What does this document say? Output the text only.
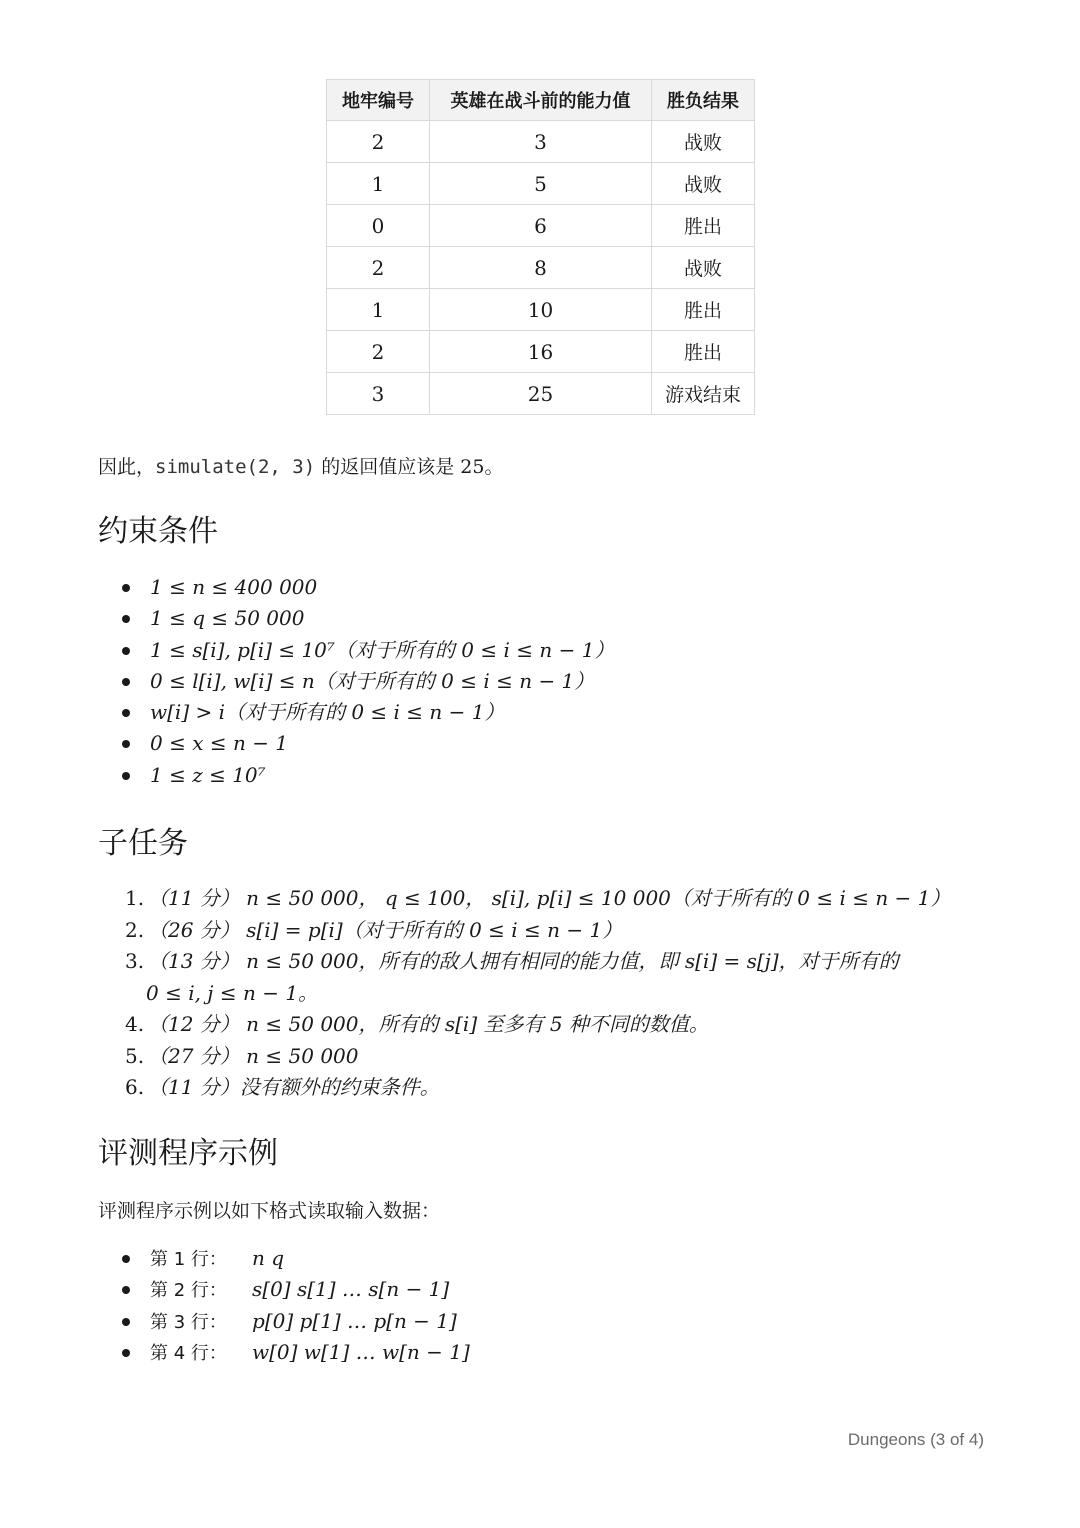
地牢编号	英雄在战斗前的能力值	胜负结果
2	3	战败
1	5	战败
0	6	胜出
2	8	战败
1	10	胜出
2	16	胜出
3	25	游戏结束
因此，simulate(2, 3) 的返回值应该是 25。
约束条件
1 ≤ n ≤ 400 000
1 ≤ q ≤ 50 000
1 ≤ s[i], p[i] ≤ 10⁷（对于所有的 0 ≤ i ≤ n − 1）
0 ≤ l[i], w[i] ≤ n（对于所有的 0 ≤ i ≤ n − 1）
w[i] > i（对于所有的 0 ≤ i ≤ n − 1）
0 ≤ x ≤ n − 1
1 ≤ z ≤ 10⁷
子任务
1. （11 分） n ≤ 50 000， q ≤ 100， s[i], p[i] ≤ 10 000（对于所有的 0 ≤ i ≤ n − 1）
2. （26 分） s[i] = p[i]（对于所有的 0 ≤ i ≤ n − 1）
3. （13 分） n ≤ 50 000，所有的敌人拥有相同的能力值，即 s[i] = s[j]，对于所有的
0 ≤ i, j ≤ n − 1。
4. （12 分） n ≤ 50 000，所有的 s[i] 至多有 5 种不同的数值。
5. （27 分） n ≤ 50 000
6. （11 分）没有额外的约束条件。
评测程序示例
评测程序示例以如下格式读取输入数据：
第 1 行： n q
第 2 行： s[0] s[1] … s[n − 1]
第 3 行： p[0] p[1] … p[n − 1]
第 4 行： w[0] w[1] … w[n − 1]
Dungeons (3 of 4)
